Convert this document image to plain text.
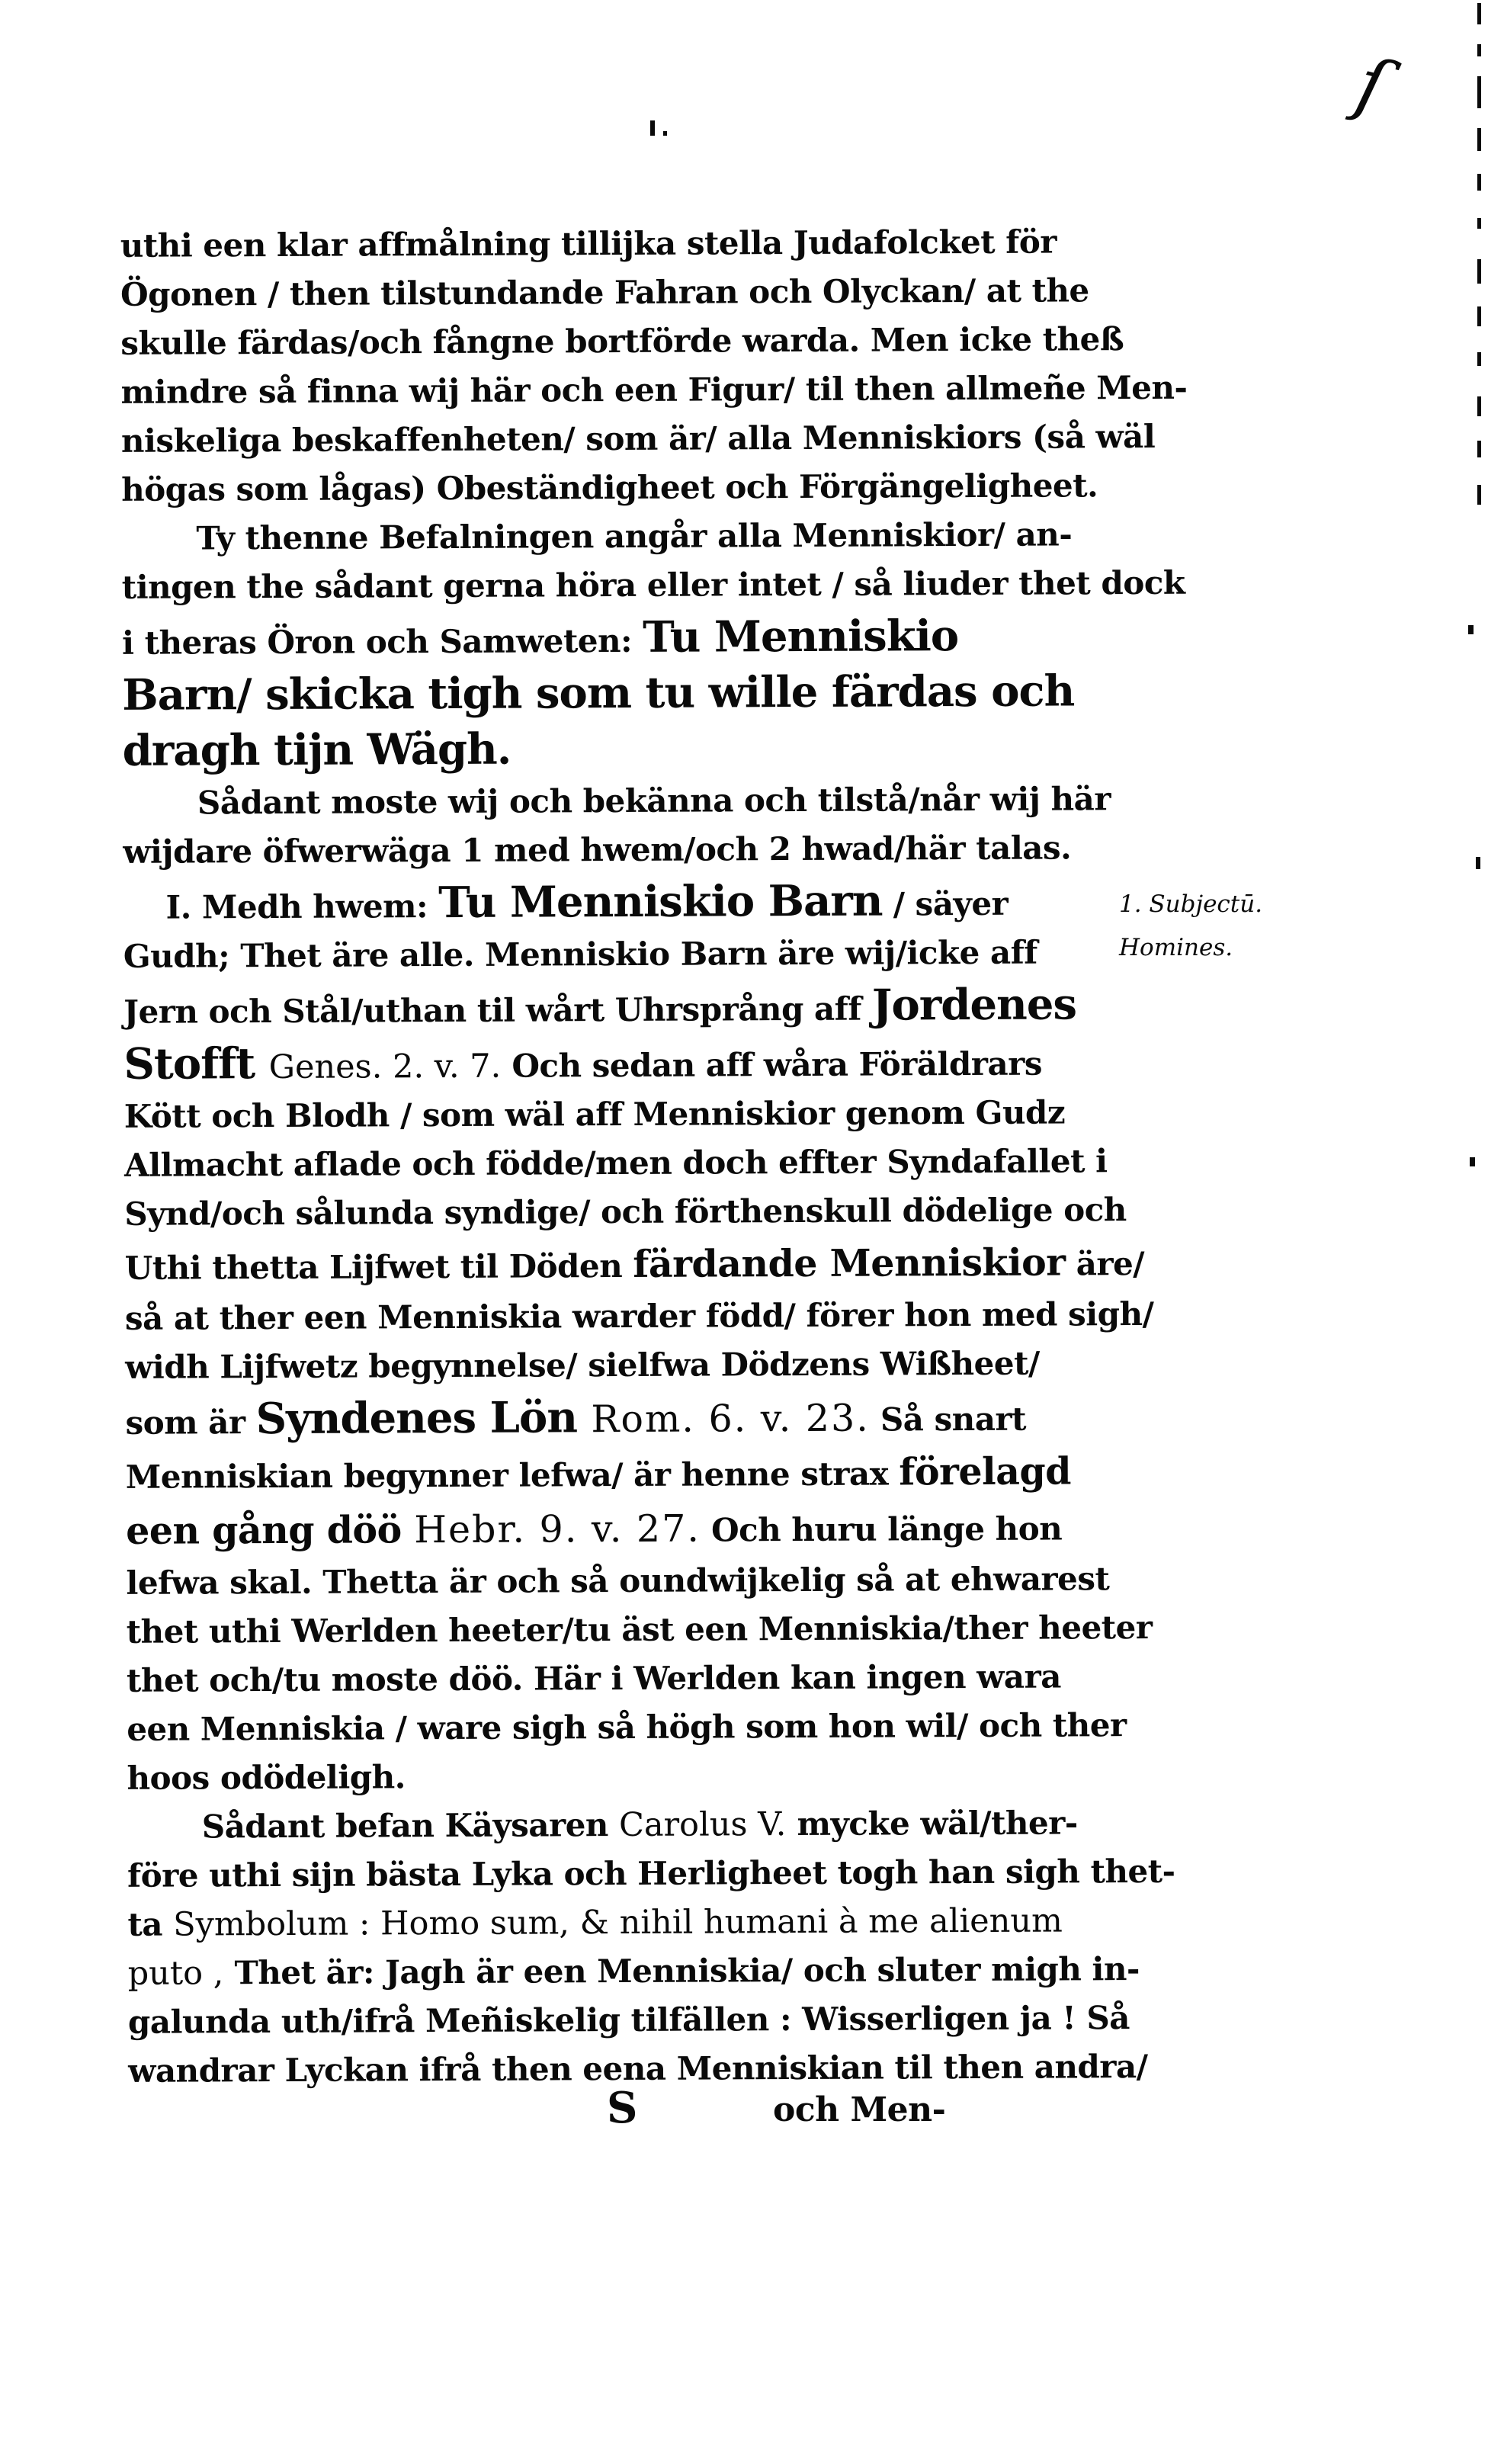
ſ
uthi een klar affmålning tillijka stella Judafolcket för
Ögonen / then tilstundande Fahran och Olyckan/ at the
skulle färdas/och fångne bortförde warda. Men icke theß
mindre så finna wij här och een Figur/ til then allmeñe Men-
niskeliga beskaffenheten/ som är/ alla Menniskiors (så wäl
högas som lågas) Obeständigheet och Förgängeligheet.
Ty thenne Befalningen angår alla Menniskior/ an-
tingen the sådant gerna höra eller intet / så liuder thet dock
i theras Öron och Samweten: Tu Menniskio
Barn/ skicka tigh som tu wille färdas och
dragh tijn Wägh.
Sådant moste wij och bekänna och tilstå/når wij här
wijdare öfwerwäga 1 med hwem/och 2 hwad/här talas.
I. Medh hwem: Tu Menniskio Barn / säyer
Gudh; Thet äre alle. Menniskio Barn äre wij/icke aff
Jern och Stål/uthan til wårt Uhrsprång aff Jordenes
Stofft Genes. 2. v. 7. Och sedan aff wåra Föräldrars
Kött och Blodh / som wäl aff Menniskior genom Gudz
Allmacht aflade och födde/men doch effter Syndafallet i
Synd/och sålunda syndige/ och förthenskull dödelige och
Uthi thetta Lijfwet til Döden färdande Menniskior äre/
så at ther een Menniskia warder född/ förer hon med sigh/
widh Lijfwetz begynnelse/ sielfwa Dödzens Wißheet/
som är Syndenes Lön Rom. 6. v. 23. Så snart
Menniskian begynner lefwa/ är henne strax förelagd
een gång döö Hebr. 9. v. 27. Och huru länge hon
lefwa skal. Thetta är och så oundwijkelig så at ehwarest
thet uthi Werlden heeter/tu äst een Menniskia/ther heeter
thet och/tu moste döö. Här i Werlden kan ingen wara
een Menniskia / ware sigh så högh som hon wil/ och ther
hoos odödeligh.
Sådant befan Käysaren Carolus V. mycke wäl/ther-
före uthi sijn bästa Lyka och Herligheet togh han sigh thet-
ta Symbolum : Homo sum, & nihil humani à me alienum
puto , Thet är: Jagh är een Menniskia/ och sluter migh in-
galunda uth/ifrå Meñiskelig tilfällen : Wisserligen ja ! Så
wandrar Lyckan ifrå then eena Menniskian til then andra/
1. Subjectū.
Homines.
S	och Men-
